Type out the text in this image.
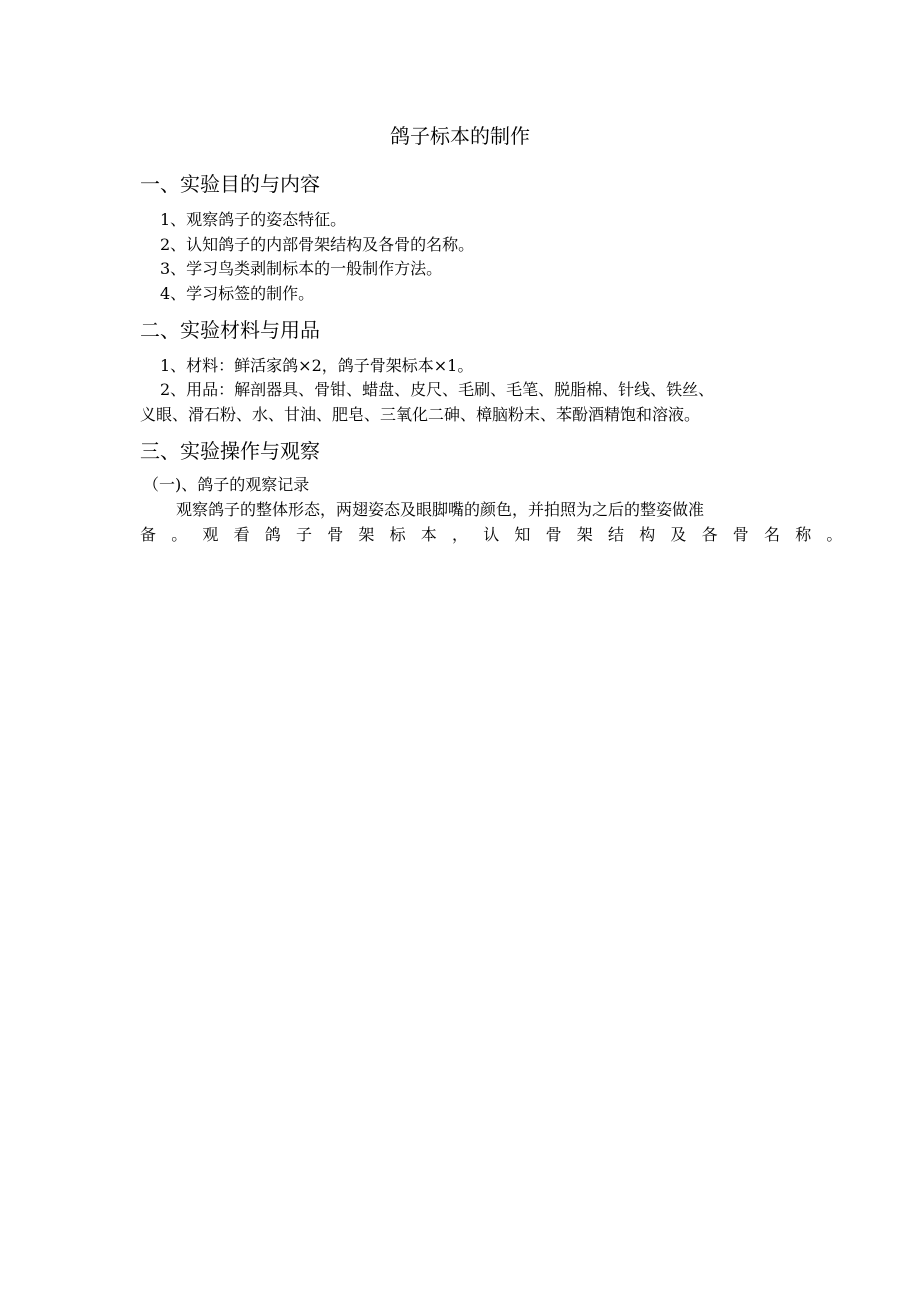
鸽子标本的制作
一、实验目的与内容
1、观察鸽子的姿态特征。
2、认知鸽子的内部骨架结构及各骨的名称。
3、学习鸟类剥制标本的一般制作方法。
4、学习标签的制作。
二、实验材料与用品
1、材料：鲜活家鸽×2，鸽子骨架标本×1。
2、用品：解剖器具、骨钳、蜡盘、皮尺、毛刷、毛笔、脱脂棉、针线、铁丝、
义眼、滑石粉、水、甘油、肥皂、三氧化二砷、樟脑粉末、苯酚酒精饱和溶液。
三、实验操作与观察
（一)、鸽子的观察记录
观察鸽子的整体形态，两翅姿态及眼脚嘴的颜色，并拍照为之后的整姿做准
备。观看鸽子骨架标本，认知骨架结构及各骨名称。
